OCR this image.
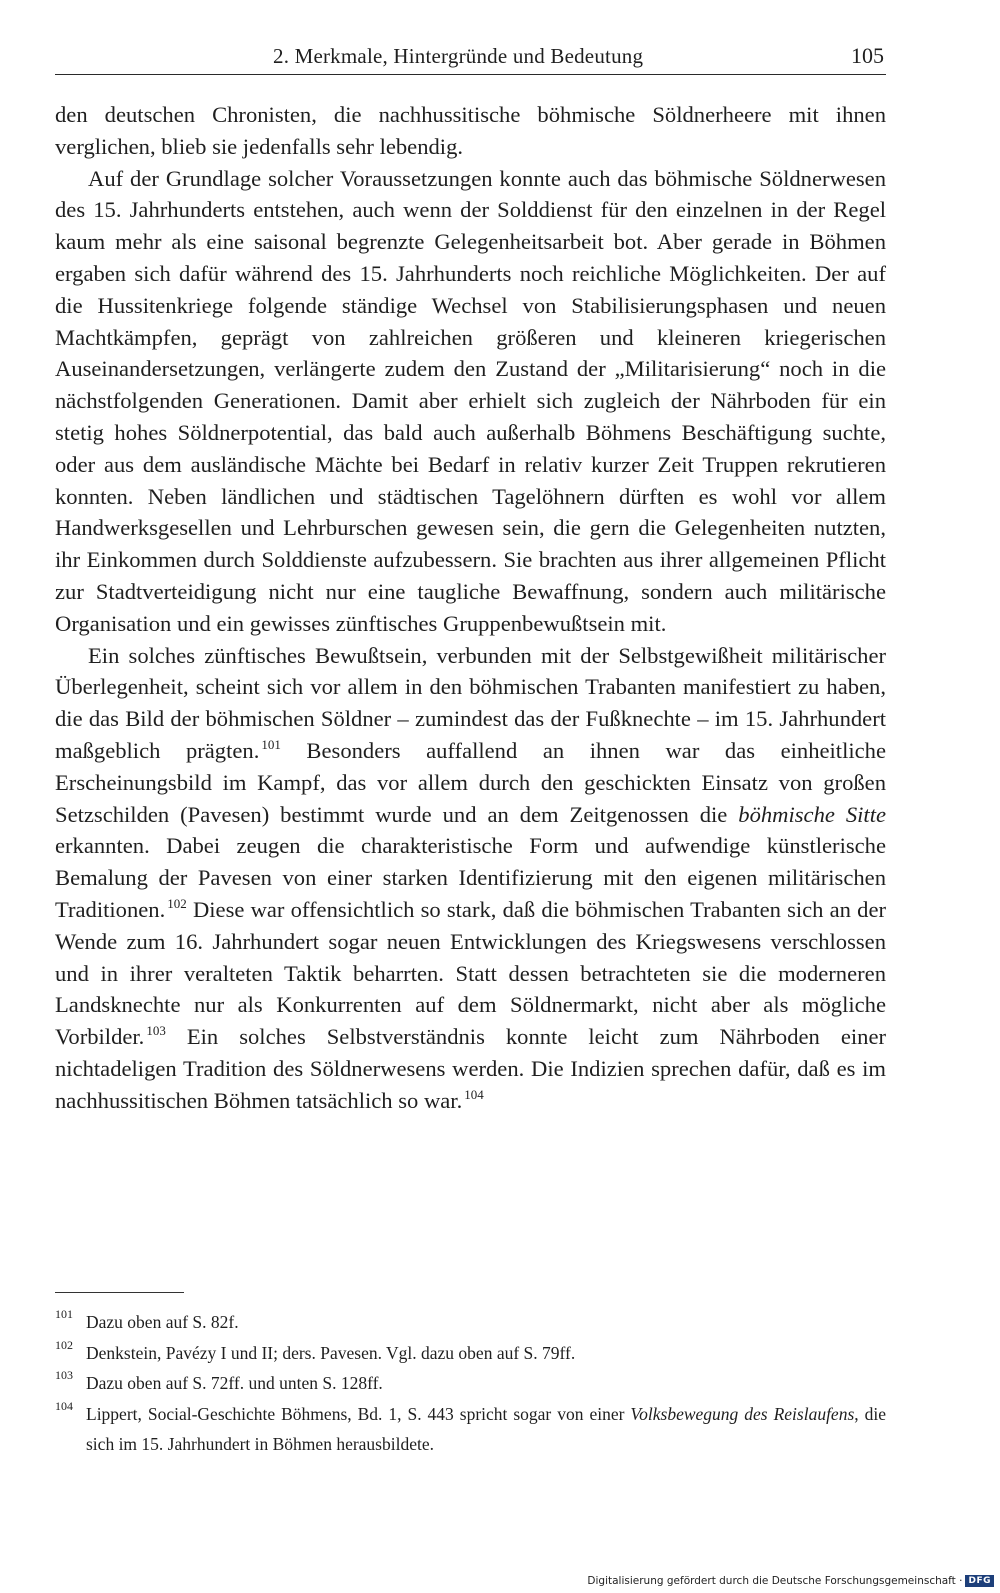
2. Merkmale, Hintergründe und Bedeutung	105

den deutschen Chronisten, die nachhussitische böhmische Söldnerheere mit ihnen verglichen, blieb sie jedenfalls sehr lebendig.

Auf der Grundlage solcher Voraussetzungen konnte auch das böhmische Söldnerwesen des 15. Jahrhunderts entstehen, auch wenn der Solddienst für den einzelnen in der Regel kaum mehr als eine saisonal begrenzte Gelegenheitsarbeit bot. Aber gerade in Böhmen ergaben sich dafür während des 15. Jahrhunderts noch reichliche Möglichkeiten. Der auf die Hussitenkriege folgende ständige Wechsel von Stabilisierungsphasen und neuen Machtkämpfen, geprägt von zahlreichen größeren und kleineren kriegerischen Auseinandersetzungen, verlängerte zudem den Zustand der „Militarisierung“ noch in die nächstfolgenden Generationen. Damit aber erhielt sich zugleich der Nährboden für ein stetig hohes Söldnerpotential, das bald auch außerhalb Böhmens Beschäftigung suchte, oder aus dem ausländische Mächte bei Bedarf in relativ kurzer Zeit Truppen rekrutieren konnten. Neben ländlichen und städtischen Tagelöhnern dürften es wohl vor allem Handwerksgesellen und Lehrburschen gewesen sein, die gern die Gelegenheiten nutzten, ihr Einkommen durch Solddienste aufzubessern. Sie brachten aus ihrer allgemeinen Pflicht zur Stadtverteidigung nicht nur eine taugliche Bewaffnung, sondern auch militärische Organisation und ein gewisses zünftisches Gruppenbewußtsein mit.

Ein solches zünftisches Bewußtsein, verbunden mit der Selbstgewißheit militärischer Überlegenheit, scheint sich vor allem in den böhmischen Trabanten manifestiert zu haben, die das Bild der böhmischen Söldner – zumindest das der Fußknechte – im 15. Jahrhundert maßgeblich prägten. $^{101}$ Besonders auffallend an ihnen war das einheitliche Erscheinungsbild im Kampf, das vor allem durch den geschickten Einsatz von großen Setzschilden (Pavesen) bestimmt wurde und an dem Zeitgenossen die böhmische Sitte erkannten. Dabei zeugen die charakteristische Form und aufwendige künstlerische Bemalung der Pavesen von einer starken Identifizierung mit den eigenen militärischen Traditionen. $^{102}$ Diese war offensichtlich so stark, daß die böhmischen Trabanten sich an der Wende zum 16. Jahrhundert sogar neuen Entwicklungen des Kriegswesens verschlossen und in ihrer veralteten Taktik beharrten. Statt dessen betrachteten sie die moderneren Landsknechte nur als Konkurrenten auf dem Söldnermarkt, nicht aber als mögliche Vorbilder. $^{103}$ Ein solches Selbstverständnis konnte leicht zum Nährboden einer nichtadeligen Tradition des Söldnerwesens werden. Die Indizien sprechen dafür, daß es im nachhussitischen Böhmen tatsächlich so war. $^{104}$

101 Dazu oben auf S. 82f.
102 Denkstein, Pavézy I und II; ders. Pavesen. Vgl. dazu oben auf S. 79ff.
103 Dazu oben auf S. 72ff. und unten S. 128ff.
104 Lippert, Social-Geschichte Böhmens, Bd. 1, S. 443 spricht sogar von einer Volksbewegung des Reislaufens, die sich im 15. Jahrhundert in Böhmen herausbildete.
Digitalisierung gefördert durch die Deutsche Forschungsgemeinschaft · DFG
